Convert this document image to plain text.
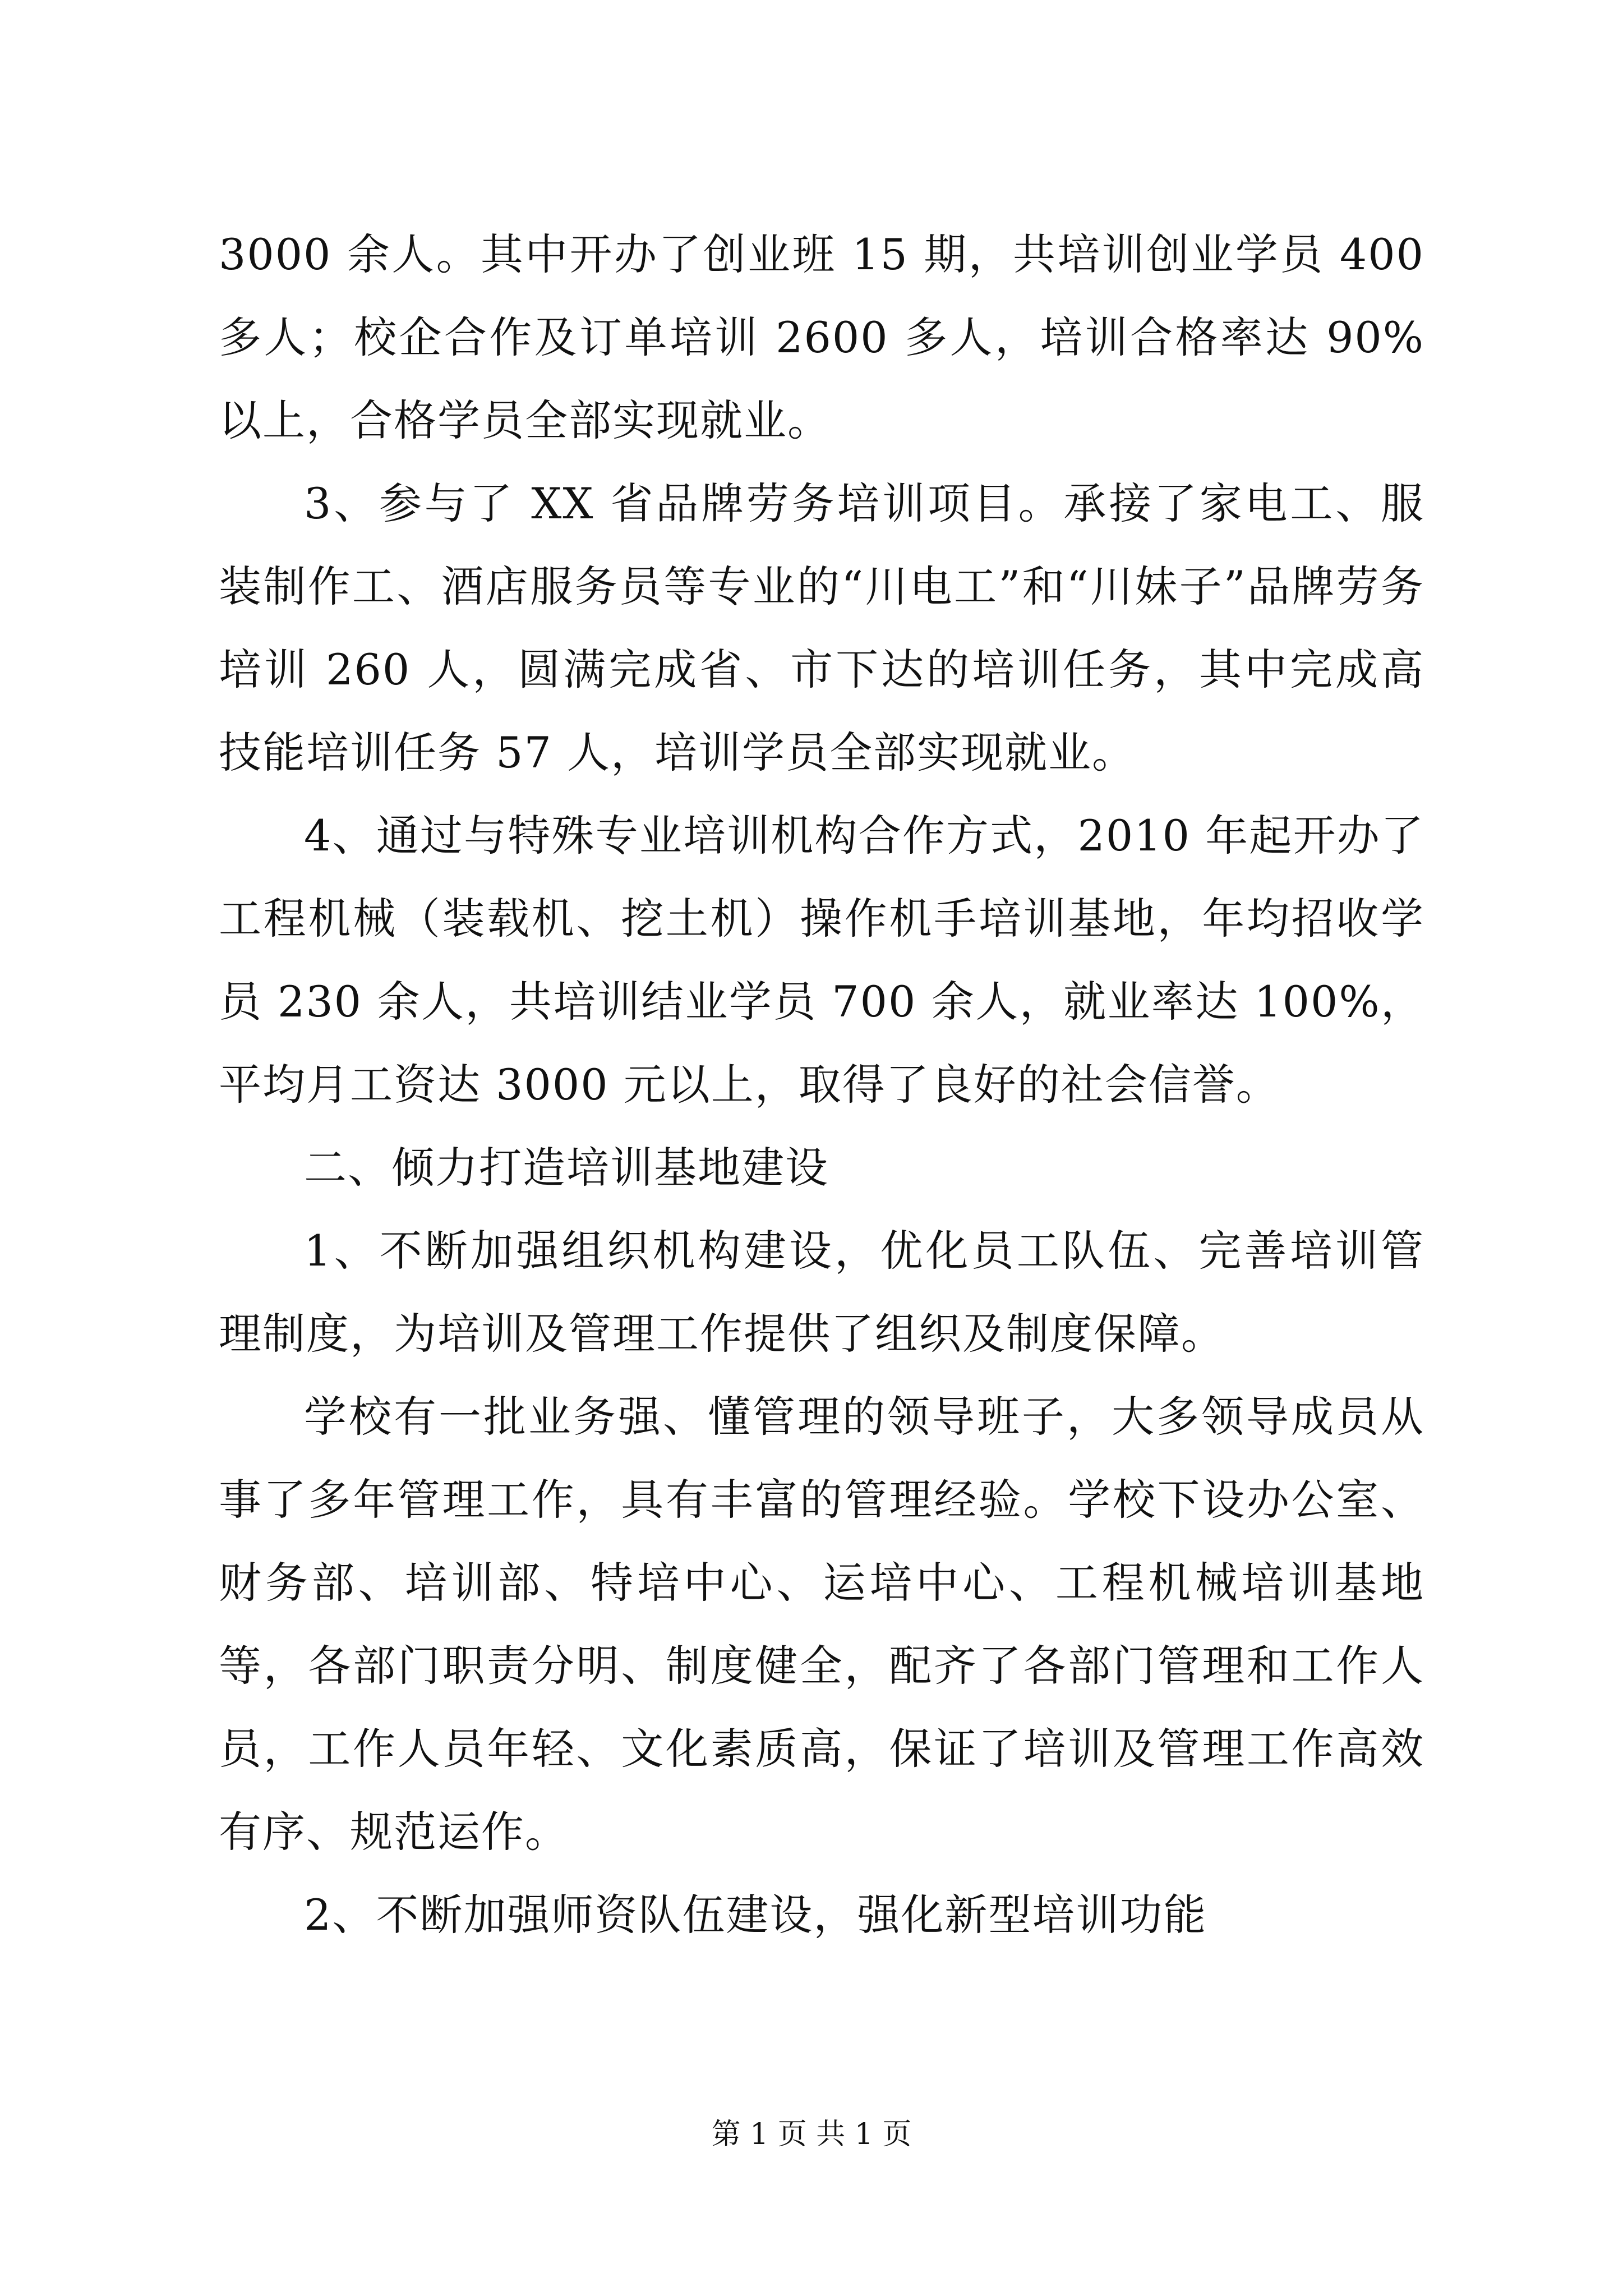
3000 余人。其中开办了创业班 15 期，共培训创业学员 400 多人；校企合作及订单培训 2600 多人，培训合格率达 90%以上，合格学员全部实现就业。

3、参与了 XX 省品牌劳务培训项目。承接了家电工、服装制作工、酒店服务员等专业的“川电工”和“川妹子”品牌劳务培训 260 人，圆满完成省、市下达的培训任务，其中完成高技能培训任务 57 人，培训学员全部实现就业。

4、通过与特殊专业培训机构合作方式，2010 年起开办了工程机械（装载机、挖土机）操作机手培训基地，年均招收学员 230 余人，共培训结业学员 700 余人，就业率达 100%，平均月工资达 3000 元以上，取得了良好的社会信誉。

二、倾力打造培训基地建设

1、不断加强组织机构建设，优化员工队伍、完善培训管理制度，为培训及管理工作提供了组织及制度保障。

学校有一批业务强、懂管理的领导班子，大多领导成员从事了多年管理工作，具有丰富的管理经验。学校下设办公室、财务部、培训部、特培中心、运培中心、工程机械培训基地等，各部门职责分明、制度健全，配齐了各部门管理和工作人员，工作人员年轻、文化素质高，保证了培训及管理工作高效有序、规范运作。

2、不断加强师资队伍建设，强化新型培训功能

第 1 页 共 1 页
